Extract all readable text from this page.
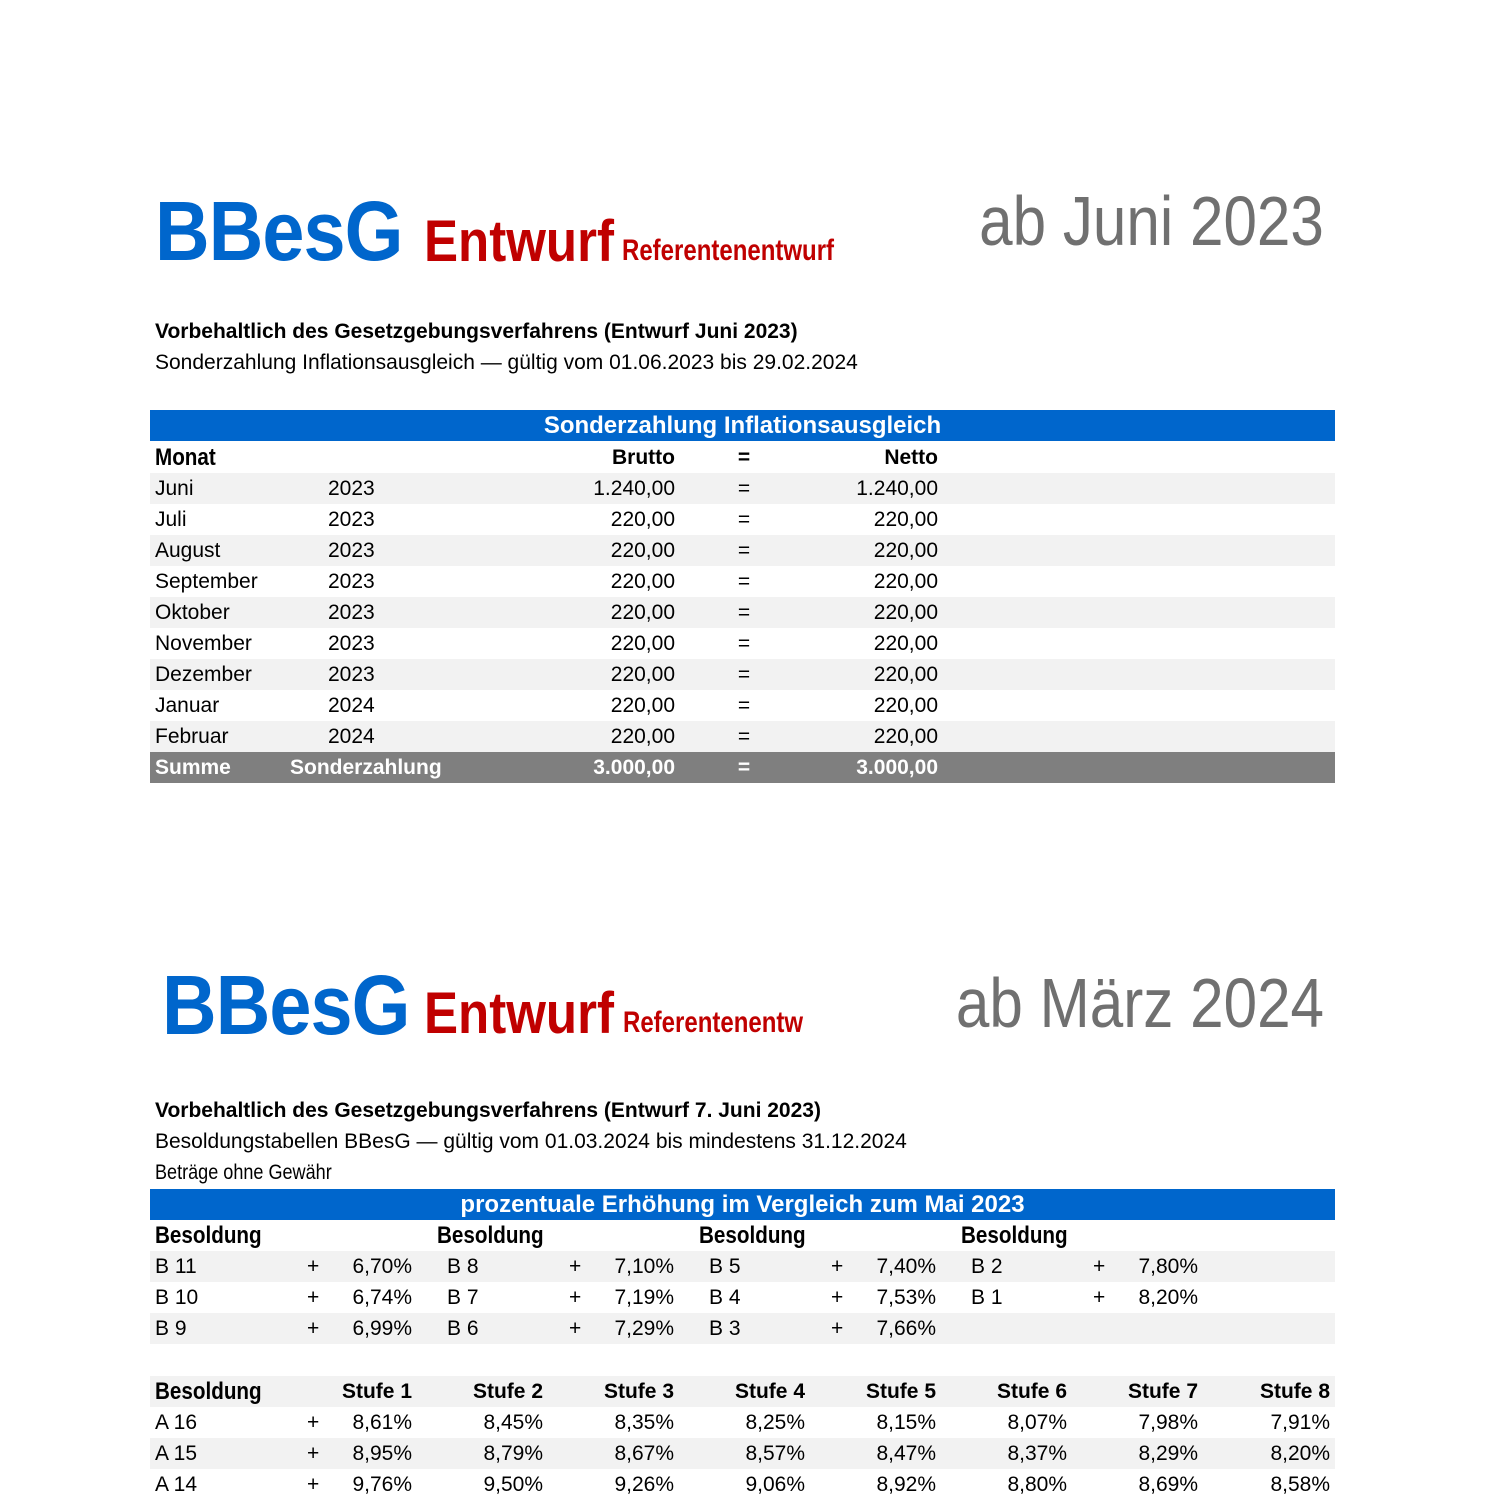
BBesG Entwurf Referentenentwurf ab Juni 2023
Vorbehaltlich des Gesetzgebungsverfahrens (Entwurf Juni 2023)
Sonderzahlung Inflationsausgleich — gültig vom 01.06.2023 bis 29.02.2024
Sonderzahlung Inflationsausgleich
Monat	Brutto	=	Netto
Juni	2023	1.240,00	=	1.240,00
Juli	2023	220,00	=	220,00
August	2023	220,00	=	220,00
September	2023	220,00	=	220,00
Oktober	2023	220,00	=	220,00
November	2023	220,00	=	220,00
Dezember	2023	220,00	=	220,00
Januar	2024	220,00	=	220,00
Februar	2024	220,00	=	220,00
Summe	Sonderzahlung	3.000,00	=	3.000,00
BBesG Entwurf Referentenentw ab März 2024
Vorbehaltlich des Gesetzgebungsverfahrens (Entwurf 7. Juni 2023)
Besoldungstabellen BBesG — gültig vom 01.03.2024 bis mindestens 31.12.2024
Beträge ohne Gewähr
prozentuale Erhöhung im Vergleich zum Mai 2023
Besoldung	Besoldung	Besoldung	Besoldung
B 11	+	6,70% B 8	+	7,10% B 5	+	7,40% B 2	+	7,80%
B 10	+	6,74% B 7	+	7,19% B 4	+	7,53% B 1	+	8,20%
B 9	+	6,99% B 6	+	7,29% B 3	+	7,66%
Besoldung	Stufe 1	Stufe 2	Stufe 3	Stufe 4	Stufe 5	Stufe 6	Stufe 7	Stufe 8
A 16	+	8,61%	8,45%	8,35%	8,25%	8,15%	8,07%	7,98%	7,91%
A 15	+	8,95%	8,79%	8,67%	8,57%	8,47%	8,37%	8,29%	8,20%
A 14	+	9,76%	9,50%	9,26%	9,06%	8,92%	8,80%	8,69%	8,58%
